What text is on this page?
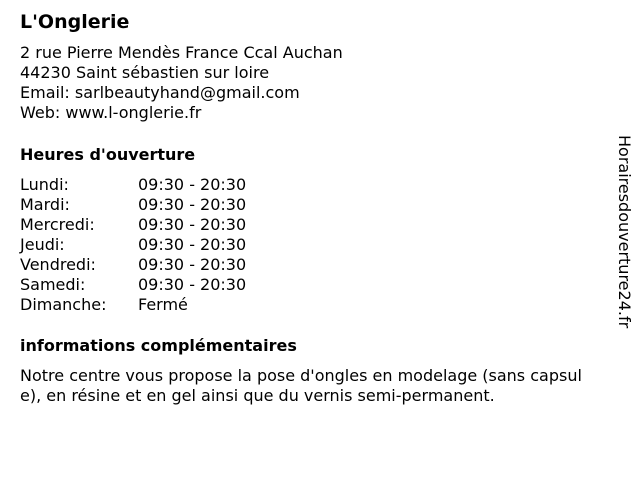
L'Onglerie
2 rue Pierre Mendès France Ccal Auchan
44230 Saint sébastien sur loire
Email: sarlbeautyhand@gmail.com
Web: www.l-onglerie.fr
Heures d'ouverture
Lundi:	09:30 - 20:30
Mardi:	09:30 - 20:30
Mercredi:	09:30 - 20:30
Jeudi:	09:30 - 20:30
Vendredi:	09:30 - 20:30
Samedi:	09:30 - 20:30
Dimanche:	Fermé
informations complémentaires

Notre centre vous propose la pose d'ongles en modelage (sans capsule), en résine et en gel ainsi que du vernis semi-permanent.

Horairesdouverture24.fr
